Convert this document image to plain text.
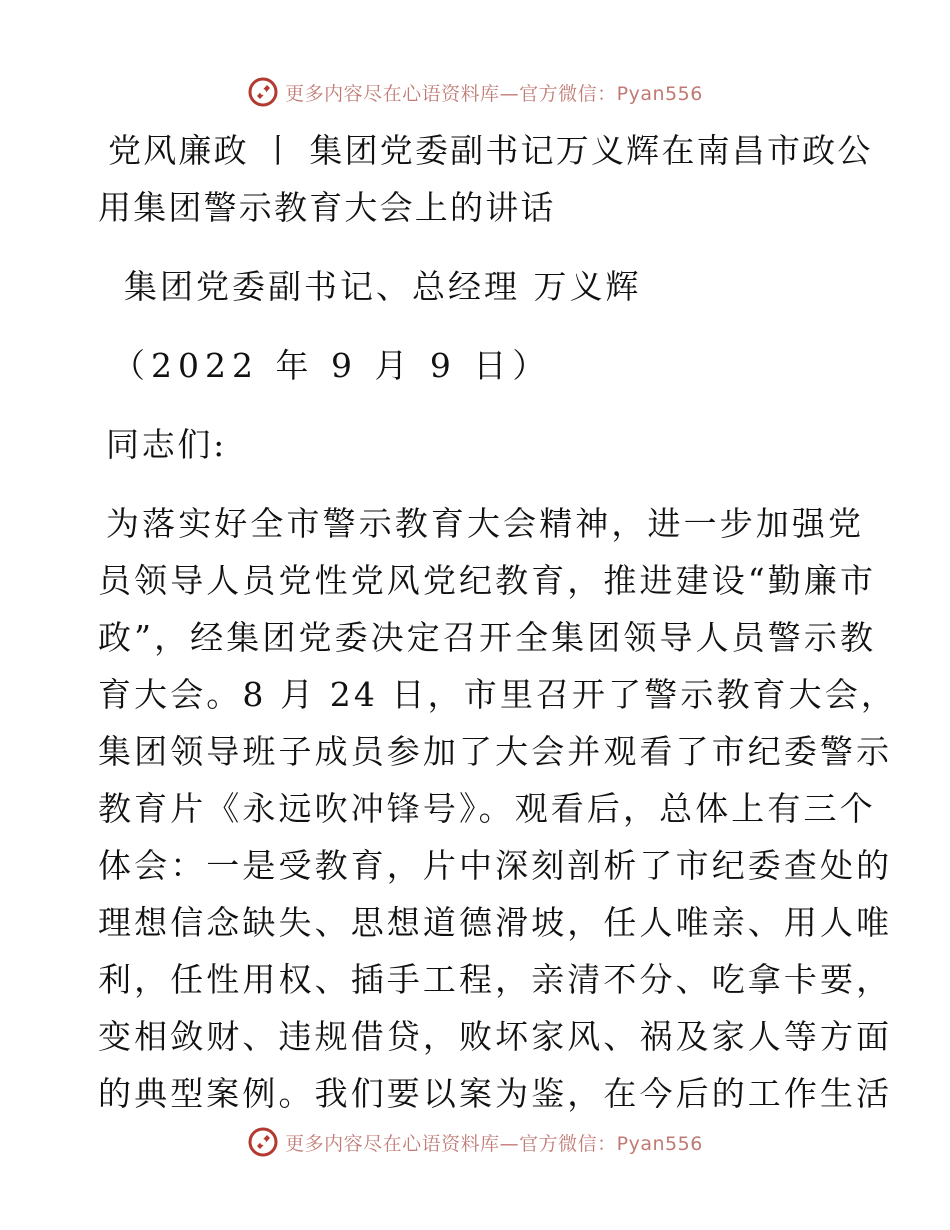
更多内容尽在心语资料库—官方微信：Pyan556
党风廉政 丨 集团党委副书记万义辉在南昌市政公
用集团警示教育大会上的讲话
集团党委副书记、总经理 万义辉
（2022 年 9 月 9 日）
同志们:
为落实好全市警示教育大会精神，进一步加强党
员领导人员党性党风党纪教育，推进建设“勤廉市
政”，经集团党委决定召开全集团领导人员警示教
育大会。8 月 24 日，市里召开了警示教育大会，
集团领导班子成员参加了大会并观看了市纪委警示
教育片《永远吹冲锋号》。观看后，总体上有三个
体会：一是受教育，片中深刻剖析了市纪委查处的
理想信念缺失、思想道德滑坡，任人唯亲、用人唯
利，任性用权、插手工程，亲清不分、吃拿卡要，
变相敛财、违规借贷，败坏家风、祸及家人等方面
的典型案例。我们要以案为鉴，在今后的工作生活
更多内容尽在心语资料库—官方微信：Pyan556
